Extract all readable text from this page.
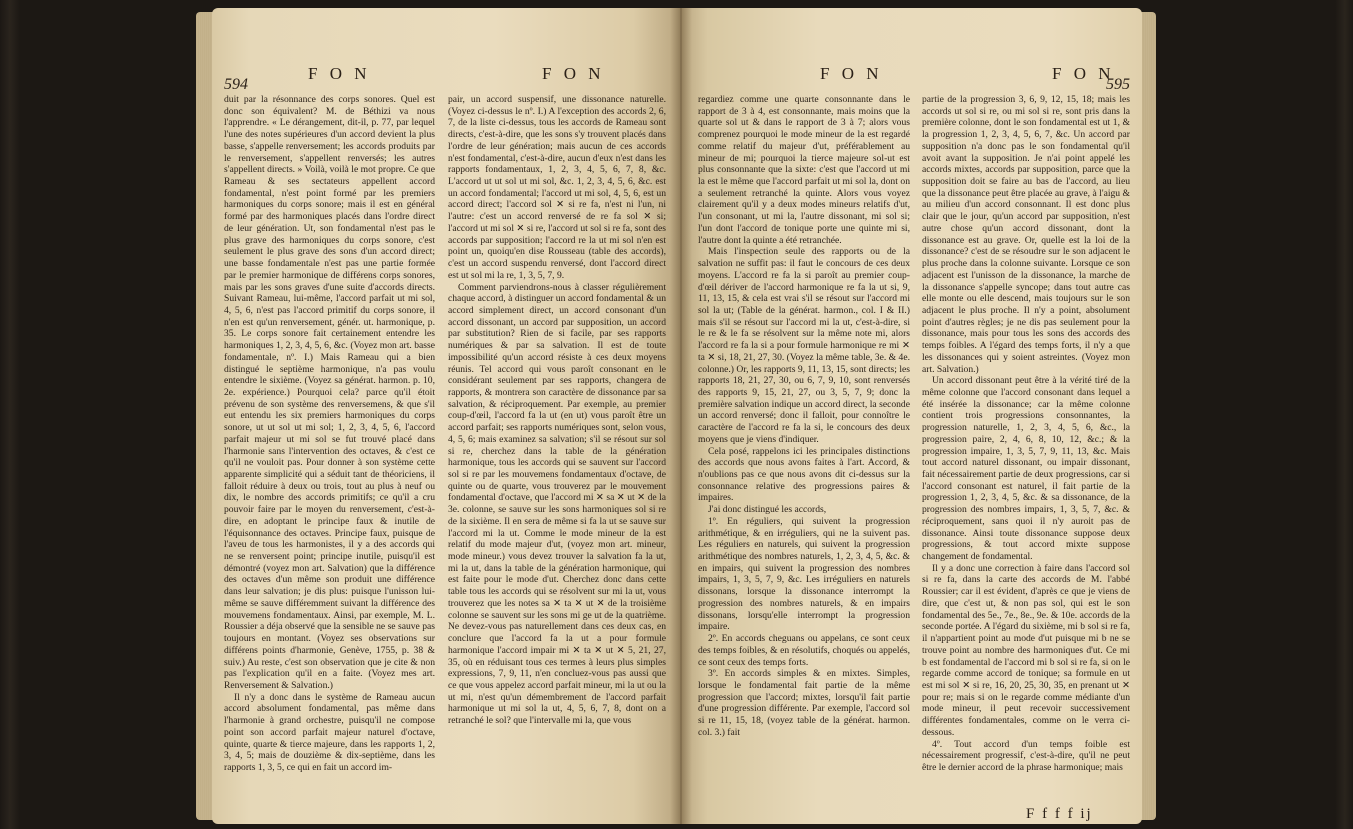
594
F O N	F O N

duit par la résonnance des corps sonores. Quel est donc son équivalent? M. de Béthizi va nous l'apprendre. « Le dérangement, dit-il, p. 77, par lequel l'une des notes supérieures d'un accord devient la plus basse, s'appelle renversement; les accords produits par le renversement, s'appellent renversés; les autres s'appellent directs. » Voilà, voilà le mot propre. Ce que Rameau & ses sectateurs appellent accord fondamental, n'est point formé par les premiers harmoniques du corps sonore; mais il est en général formé par des harmoniques placés dans l'ordre direct de leur génération. Ut, son fondamental n'est pas le plus grave des harmoniques du corps sonore, c'est seulement le plus grave des sons d'un accord direct; une basse fondamentale n'est pas une partie formée par le premier harmonique de différens corps sonores, mais par les sons graves d'une suite d'accords directs. Suivant Rameau, lui-même, l'accord parfait ut mi sol, 4, 5, 6, n'est pas l'accord primitif du corps sonore, il n'en est qu'un renversement, génér. ut. harmonique, p. 35. Le corps sonore fait certainement entendre les harmoniques 1, 2, 3, 4, 5, 6, &c. (Voyez mon art. basse fondamentale, nº. I.) Mais Rameau qui a bien distingué le septième harmonique, n'a pas voulu entendre le sixième. (Voyez sa générat. harmon. p. 10, 2e. expérience.) Pourquoi cela? parce qu'il étoit prévenu de son système des renversemens, & que s'il eut entendu les six premiers harmoniques du corps sonore, ut ut sol ut mi sol; 1, 2, 3, 4, 5, 6, l'accord parfait majeur ut mi sol se fut trouvé placé dans l'harmonie sans l'intervention des octaves, & c'est ce qu'il ne vouloit pas. Pour donner à son système cette apparente simplicité qui a séduit tant de théoriciens, il falloit réduire à deux ou trois, tout au plus à neuf ou dix, le nombre des accords primitifs; ce qu'il a cru pouvoir faire par le moyen du renversement, c'est-à-dire, en adoptant le principe faux & inutile de l'équisonnance des octaves. Principe faux, puisque de l'aveu de tous les harmonistes, il y a des accords qui ne se renversent point; principe inutile, puisqu'il est démontré (voyez mon art. Salvation) que la différence des octaves d'un même son produit une différence dans leur salvation; je dis plus: puisque l'unisson lui-même se sauve différemment suivant la différence des mouvemens fondamentaux. Ainsi, par exemple, M. L. Roussier a déja observé que la sensible ne se sauve pas toujours en montant. (Voyez ses observations sur différens points d'harmonie, Genève, 1755, p. 38 & suiv.) Au reste, c'est son observation que je cite & non pas l'explication qu'il en a faite. (Voyez mes art. Renversement & Salvation.)

Il n'y a donc dans le système de Rameau aucun accord absolument fondamental, pas même dans l'harmonie à grand orchestre, puisqu'il ne compose point son accord parfait majeur naturel d'octave, quinte, quarte & tierce majeure, dans les rapports 1, 2, 3, 4, 5; mais de douzième & dix-septième, dans les rapports 1, 3, 5, ce qui en fait un accord im-

pair, un accord suspensif, une dissonance naturelle. (Voyez ci-dessus le nº. I.) A l'exception des accords 2, 6, 7, de la liste ci-dessus, tous les accords de Rameau sont directs, c'est-à-dire, que les sons s'y trouvent placés dans l'ordre de leur génération; mais aucun de ces accords n'est fondamental, c'est-à-dire, aucun d'eux n'est dans les rapports fondamentaux, 1, 2, 3, 4, 5, 6, 7, 8, &c. L'accord ut ut sol ut mi sol, &c. 1, 2, 3, 4, 5, 6, &c. est un accord fondamental; l'accord ut mi sol, 4, 5, 6, est un accord direct; l'accord sol ✕ si re fa, n'est ni l'un, ni l'autre: c'est un accord renversé de re fa sol ✕ si; l'accord ut mi sol ✕ si re, l'accord ut sol si re fa, sont des accords par supposition; l'accord re la ut mi sol n'en est point un, quoiqu'en dise Rousseau (table des accords), c'est un accord suspendu renversé, dont l'accord direct est ut sol mi la re, 1, 3, 5, 7, 9.

Comment parviendrons-nous à classer régulièrement chaque accord, à distinguer un accord fondamental & un accord simplement direct, un accord consonant d'un accord dissonant, un accord par supposition, un accord par substitution? Rien de si facile, par ses rapports numériques & par sa salvation. Il est de toute impossibilité qu'un accord résiste à ces deux moyens réunis. Tel accord qui vous paroît consonant en le considérant seulement par ses rapports, changera de rapports, & montrera son caractère de dissonance par sa salvation, & réciproquement. Par exemple, au premier coup-d'œil, l'accord fa la ut (en ut) vous paroît être un accord parfait; ses rapports numériques sont, selon vous, 4, 5, 6; mais examinez sa salvation; s'il se résout sur sol si re, cherchez dans la table de la génération harmonique, tous les accords qui se sauvent sur l'accord sol si re par les mouvemens fondamentaux d'octave, de quinte ou de quarte, vous trouverez par le mouvement fondamental d'octave, que l'accord mi ✕ sa ✕ ut ✕ de la 3e. colonne, se sauve sur les sons harmoniques sol si re de la sixième. Il en sera de même si fa la ut se sauve sur l'accord mi la ut. Comme le mode mineur de la est relatif du mode majeur d'ut, (voyez mon art. mineur, mode mineur.) vous devez trouver la salvation fa la ut, mi la ut, dans la table de la génération harmonique, qui est faite pour le mode d'ut. Cherchez donc dans cette table tous les accords qui se résolvent sur mi la ut, vous trouverez que les notes sa ✕ ta ✕ ut ✕ de la troisième colonne se sauvent sur les sons mi ge ut de la quatrième. Ne devez-vous pas naturellement dans ces deux cas, en conclure que l'accord fa la ut a pour formule harmonique l'accord impair mi ✕ ta ✕ ut ✕ 5, 21, 27, 35, où en réduisant tous ces termes à leurs plus simples expressions, 7, 9, 11, n'en concluez-vous pas aussi que ce que vous appelez accord parfait mineur, mi la ut ou la ut mi, n'est qu'un démembrement de l'accord parfait harmonique ut mi sol la ut, 4, 5, 6, 7, 8, dont on a retranché le sol? que l'intervalle mi la, que vous

F O N	F O N
595

regardiez comme une quarte consonnante dans le rapport de 3 à 4, est consonnante, mais moins que la quarte sol ut & dans le rapport de 3 à 7; alors vous comprenez pourquoi le mode mineur de la est regardé comme relatif du majeur d'ut, préférablement au mineur de mi; pourquoi la tierce majeure sol-ut est plus consonnante que la sixte: c'est que l'accord ut mi la est le même que l'accord parfait ut mi sol la, dont on a seulement retranché la quinte. Alors vous voyez clairement qu'il y a deux modes mineurs relatifs d'ut, l'un consonant, ut mi la, l'autre dissonant, mi sol si; l'un dont l'accord de tonique porte une quinte mi si, l'autre dont la quinte a été retranchée.

Mais l'inspection seule des rapports ou de la salvation ne suffit pas: il faut le concours de ces deux moyens. L'accord re fa la si paroît au premier coup-d'œil dériver de l'accord harmonique re fa la ut si, 9, 11, 13, 15, & cela est vrai s'il se résout sur l'accord mi sol la ut; (Table de la générat. harmon., col. I & II.) mais s'il se résout sur l'accord mi la ut, c'est-à-dire, si le re & le fa se résolvent sur la même note mi, alors l'accord re fa la si a pour formule harmonique re mi ✕ ta ✕ si, 18, 21, 27, 30. (Voyez la même table, 3e. & 4e. colonne.) Or, les rapports 9, 11, 13, 15, sont directs; les rapports 18, 21, 27, 30, ou 6, 7, 9, 10, sont renversés des rapports 9, 15, 21, 27, ou 3, 5, 7, 9; donc la première salvation indique un accord direct, la seconde un accord renversé; donc il falloit, pour connoître le caractère de l'accord re fa la si, le concours des deux moyens que je viens d'indiquer.

Cela posé, rappelons ici les principales distinctions des accords que nous avons faites à l'art. Accord, & n'oublions pas ce que nous avons dit ci-dessus sur la consonnance relative des progressions paires & impaires.

J'ai donc distingué les accords,

1º. En réguliers, qui suivent la progression arithmétique, & en irréguliers, qui ne la suivent pas. Les réguliers en naturels, qui suivent la progression arithmétique des nombres naturels, 1, 2, 3, 4, 5, &c. & en impairs, qui suivent la progression des nombres impairs, 1, 3, 5, 7, 9, &c. Les irréguliers en naturels dissonans, lorsque la dissonance interrompt la progression des nombres naturels, & en impairs dissonans, lorsqu'elle interrompt la progression impaire.

2º. En accords cheguans ou appelans, ce sont ceux des temps foibles, & en résolutifs, choqués ou appelés, ce sont ceux des temps forts.

3º. En accords simples & en mixtes. Simples, lorsque le fondamental fait partie de la même progression que l'accord; mixtes, lorsqu'il fait partie d'une progression différente. Par exemple, l'accord sol si re 11, 15, 18, (voyez table de la générat. harmon. col. 3.) fait

partie de la progression 3, 6, 9, 12, 15, 18; mais les accords ut sol si re, ou mi sol si re, sont pris dans la première colonne, dont le son fondamental est ut 1, & la progression 1, 2, 3, 4, 5, 6, 7, &c. Un accord par supposition n'a donc pas le son fondamental qu'il avoit avant la supposition. Je n'ai point appelé les accords mixtes, accords par supposition, parce que la supposition doit se faire au bas de l'accord, au lieu que la dissonance peut être placée au grave, à l'aigu & au milieu d'un accord consonnant. Il est donc plus clair que le jour, qu'un accord par supposition, n'est autre chose qu'un accord dissonant, dont la dissonance est au grave. Or, quelle est la loi de la dissonance? c'est de se résoudre sur le son adjacent le plus proche dans la colonne suivante. Lorsque ce son adjacent est l'unisson de la dissonance, la marche de la dissonance s'appelle syncope; dans tout autre cas elle monte ou elle descend, mais toujours sur le son adjacent le plus proche. Il n'y a point, absolument point d'autres règles; je ne dis pas seulement pour la dissonance, mais pour tous les sons des accords des temps foibles. A l'égard des temps forts, il n'y a que les dissonances qui y soient astreintes. (Voyez mon art. Salvation.)

Un accord dissonant peut être à la vérité tiré de la même colonne que l'accord consonant dans lequel a été insérée la dissonance; car la même colonne contient trois progressions consonnantes, la progression naturelle, 1, 2, 3, 4, 5, 6, &c., la progression paire, 2, 4, 6, 8, 10, 12, &c.; & la progression impaire, 1, 3, 5, 7, 9, 11, 13, &c. Mais tout accord naturel dissonant, ou impair dissonant, fait nécessairement partie de deux progressions, car si l'accord consonant est naturel, il fait partie de la progression 1, 2, 3, 4, 5, &c. & sa dissonance, de la progression des nombres impairs, 1, 3, 5, 7, &c. & réciproquement, sans quoi il n'y auroit pas de dissonance. Ainsi toute dissonance suppose deux progressions, & tout accord mixte suppose changement de fondamental.

Il y a donc une correction à faire dans l'accord sol si re fa, dans la carte des accords de M. l'abbé Roussier; car il est évident, d'après ce que je viens de dire, que c'est ut, & non pas sol, qui est le son fondamental des 5e., 7e., 8e., 9e. & 10e. accords de la seconde portée. A l'égard du sixième, mi b sol si re fa, il n'appartient point au mode d'ut puisque mi b ne se trouve point au nombre des harmoniques d'ut. Ce mi b est fondamental de l'accord mi b sol si re fa, si on le regarde comme accord de tonique; sa formule en ut est mi sol ✕ si re, 16, 20, 25, 30, 35, en prenant ut ✕ pour re; mais si on le regarde comme médiante d'un mode mineur, il peut recevoir successivement différentes fondamentales, comme on le verra ci-dessous.

4º. Tout accord d'un temps foible est nécessairement progressif, c'est-à-dire, qu'il ne peut être le dernier accord de la phrase harmonique; mais

F f f f ij
